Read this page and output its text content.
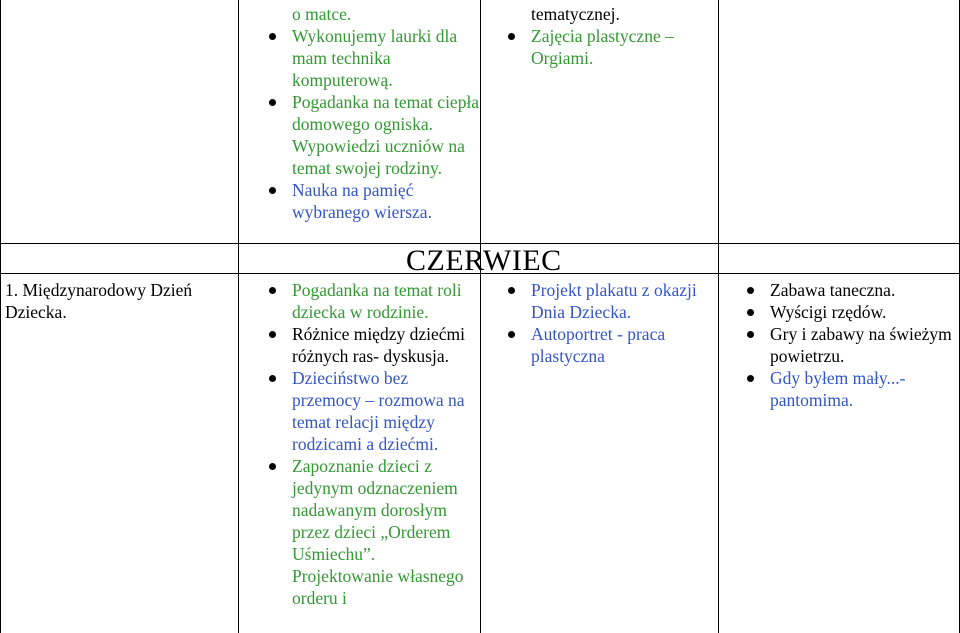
o matce.
Wykonujemy laurki dla mam technika komputerową.
Pogadanka na temat ciepła domowego ogniska. Wypowiedzi uczniów na temat swojej rodziny.
Nauka na pamięć wybranego wiersza.
tematycznej.
Zajęcia plastyczne – Orgiami.
CZERWIEC
1. Międzynarodowy Dzień Dziecka.
Pogadanka na temat roli dziecka w rodzinie.
Różnice między dziećmi różnych ras- dyskusja.
Dzieciństwo bez przemocy – rozmowa na temat relacji między rodzicami a dziećmi.
Zapoznanie dzieci z jedynym odznaczeniem nadawanym dorosłym przez dzieci „Orderem Uśmiechu”. Projektowanie własnego orderu i
Projekt plakatu z okazji Dnia Dziecka.
Autoportret - praca plastyczna
Zabawa taneczna.
Wyścigi rzędów.
Gry i zabawy na świeżym powietrzu.
Gdy byłem mały...- pantomima.
